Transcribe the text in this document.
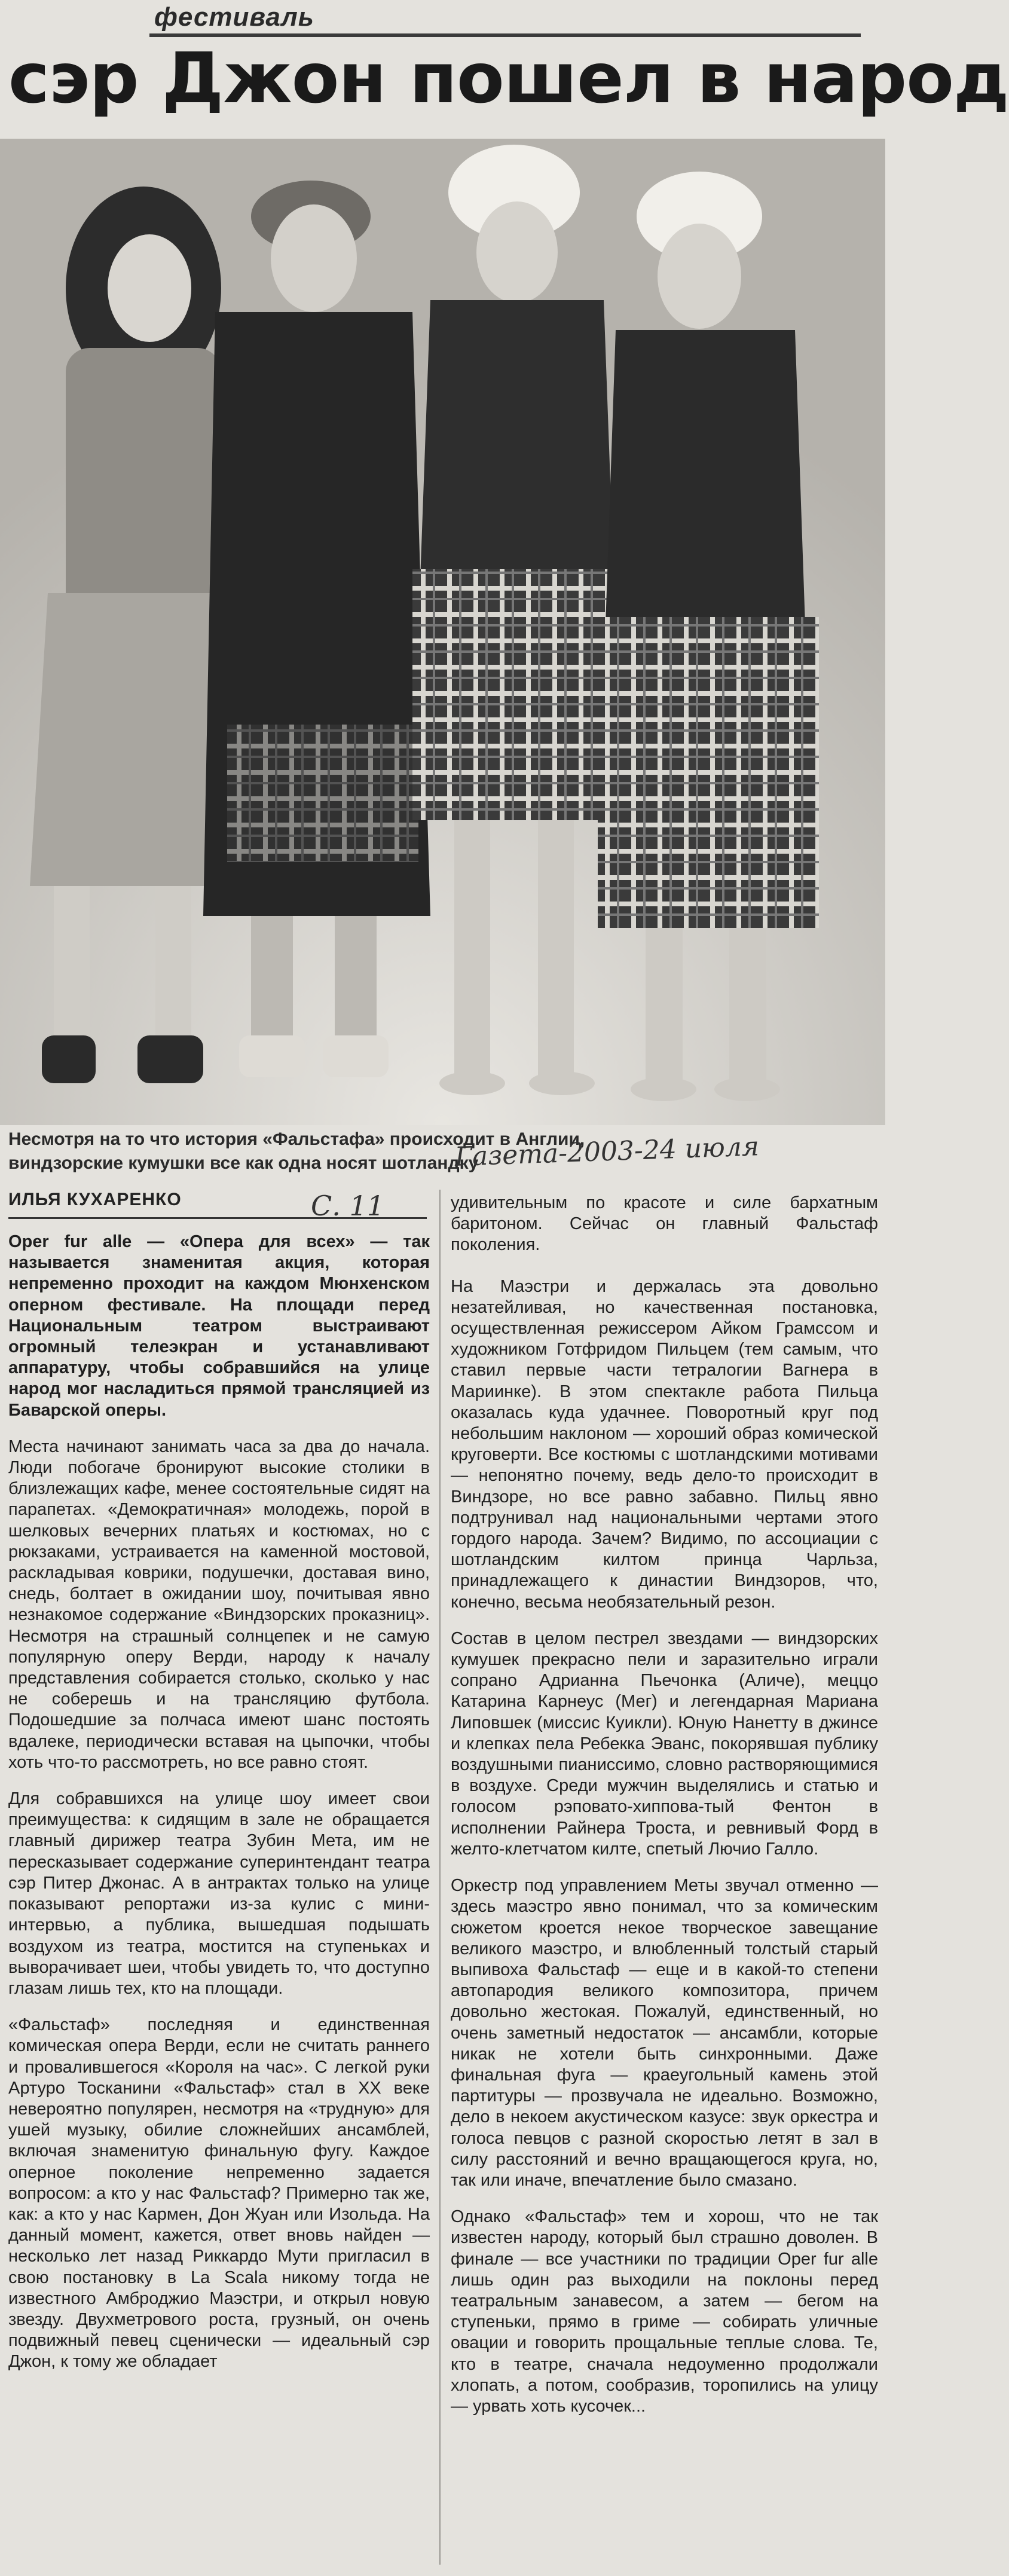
фестиваль
сэр Джон пошел в народ
Несмотря на то что история «Фальстафа» происходит в Англии, виндзорские кумушки все как одна носят шотландку
Газета-2003-24 июля
ИЛЬЯ КУХАРЕНКО	С. 11

Oper fur alle — «Опера для всех» — так называется знаменитая акция, которая непременно проходит на каждом Мюнхенском оперном фестивале. На площади перед Национальным театром выстраивают огромный телеэкран и устанавливают аппаратуру, чтобы собравшийся на улице народ мог насладиться прямой трансляцией из Баварской оперы.

Места начинают занимать часа за два до начала. Люди побогаче бронируют высокие столики в близлежащих кафе, менее состоятельные сидят на парапетах. «Демократичная» молодежь, порой в шелковых вечерних платьях и костюмах, но с рюкзаками, устраивается на каменной мостовой, раскладывая коврики, подушечки, доставая вино, снедь, болтает в ожидании шоу, почитывая явно незнакомое содержание «Виндзорских проказниц». Несмотря на страшный солнцепек и не самую популярную оперу Верди, народу к началу представления собирается столько, сколько у нас не соберешь и на трансляцию футбола. Подошедшие за полчаса имеют шанс постоять вдалеке, периодически вставая на цыпочки, чтобы хоть что-то рассмотреть, но все равно стоят.

Для собравшихся на улице шоу имеет свои преимущества: к сидящим в зале не обращается главный дирижер театра Зубин Мета, им не пересказывает содержание суперинтендант театра сэр Питер Джонас. А в антрактах только на улице показывают репортажи из-за кулис с мини-интервью, а публика, вышедшая подышать воздухом из театра, мостится на ступеньках и выворачивает шеи, чтобы увидеть то, что доступно глазам лишь тех, кто на площади.

«Фальстаф» последняя и единственная комическая опера Верди, если не считать раннего и провалившегося «Короля на час». С легкой руки Артуро Тосканини «Фальстаф» стал в XX веке невероятно популярен, несмотря на «трудную» для ушей музыку, обилие сложнейших ансамблей, включая знаменитую финальную фугу. Каждое оперное поколение непременно задается вопросом: а кто у нас Фальстаф? Примерно так же, как: а кто у нас Кармен, Дон Жуан или Изольда. На данный момент, кажется, ответ вновь найден — несколько лет назад Риккардо Мути пригласил в свою постановку в La Scala никому тогда не известного Амброджио Маэстри, и открыл новую звезду. Двухметрового роста, грузный, он очень подвижный певец сценически — идеальный сэр Джон, к тому же обладает

удивительным по красоте и силе бархатным баритоном. Сейчас он главный Фальстаф поколения.

На Маэстри и держалась эта довольно незатейливая, но качественная постановка, осуществленная режиссером Айком Грамссом и художником Готфридом Пильцем (тем самым, что ставил первые части тетралогии Вагнера в Мариинке). В этом спектакле работа Пильца оказалась куда удачнее. Поворотный круг под небольшим наклоном — хороший образ комической круговерти. Все костюмы с шотландскими мотивами — непонятно почему, ведь дело-то происходит в Виндзоре, но все равно забавно. Пильц явно подтрунивал над национальными чертами этого гордого народа. Зачем? Видимо, по ассоциации с шотландским килтом принца Чарльза, принадлежащего к династии Виндзоров, что, конечно, весьма необязательный резон.

Состав в целом пестрел звездами — виндзорских кумушек прекрасно пели и заразительно играли сопрано Адрианна Пьечонка (Аличе), меццо Катарина Карнеус (Мег) и легендарная Мариана Липовшек (миссис Куикли). Юную Нанетту в джинсе и клепках пела Ребекка Эванс, покорявшая публику воздушными пианиссимо, словно растворяющимися в воздухе. Среди мужчин выделялись и статью и голосом рэповато-хиппова-тый Фентон в исполнении Райнера Троста, и ревнивый Форд в желто-клетчатом килте, спетый Лючио Галло.

Оркестр под управлением Меты звучал отменно — здесь маэстро явно понимал, что за комическим сюжетом кроется некое творческое завещание великого маэстро, и влюбленный толстый старый выпивоха Фальстаф — еще и в какой-то степени автопародия великого композитора, причем довольно жестокая. Пожалуй, единственный, но очень заметный недостаток — ансамбли, которые никак не хотели быть синхронными. Даже финальная фуга — краеугольный камень этой партитуры — прозвучала не идеально. Возможно, дело в некоем акустическом казусе: звук оркестра и голоса певцов с разной скоростью летят в зал в силу расстояний и вечно вращающегося круга, но, так или иначе, впечатление было смазано.

Однако «Фальстаф» тем и хорош, что не так известен народу, который был страшно доволен. В финале — все участники по традиции Oper fur alle лишь один раз выходили на поклоны перед театральным занавесом, а затем — бегом на ступеньки, прямо в гриме — собирать уличные овации и говорить прощальные теплые слова. Те, кто в театре, сначала недоуменно продолжали хлопать, а потом, сообразив, торопились на улицу — урвать хоть кусочек...
